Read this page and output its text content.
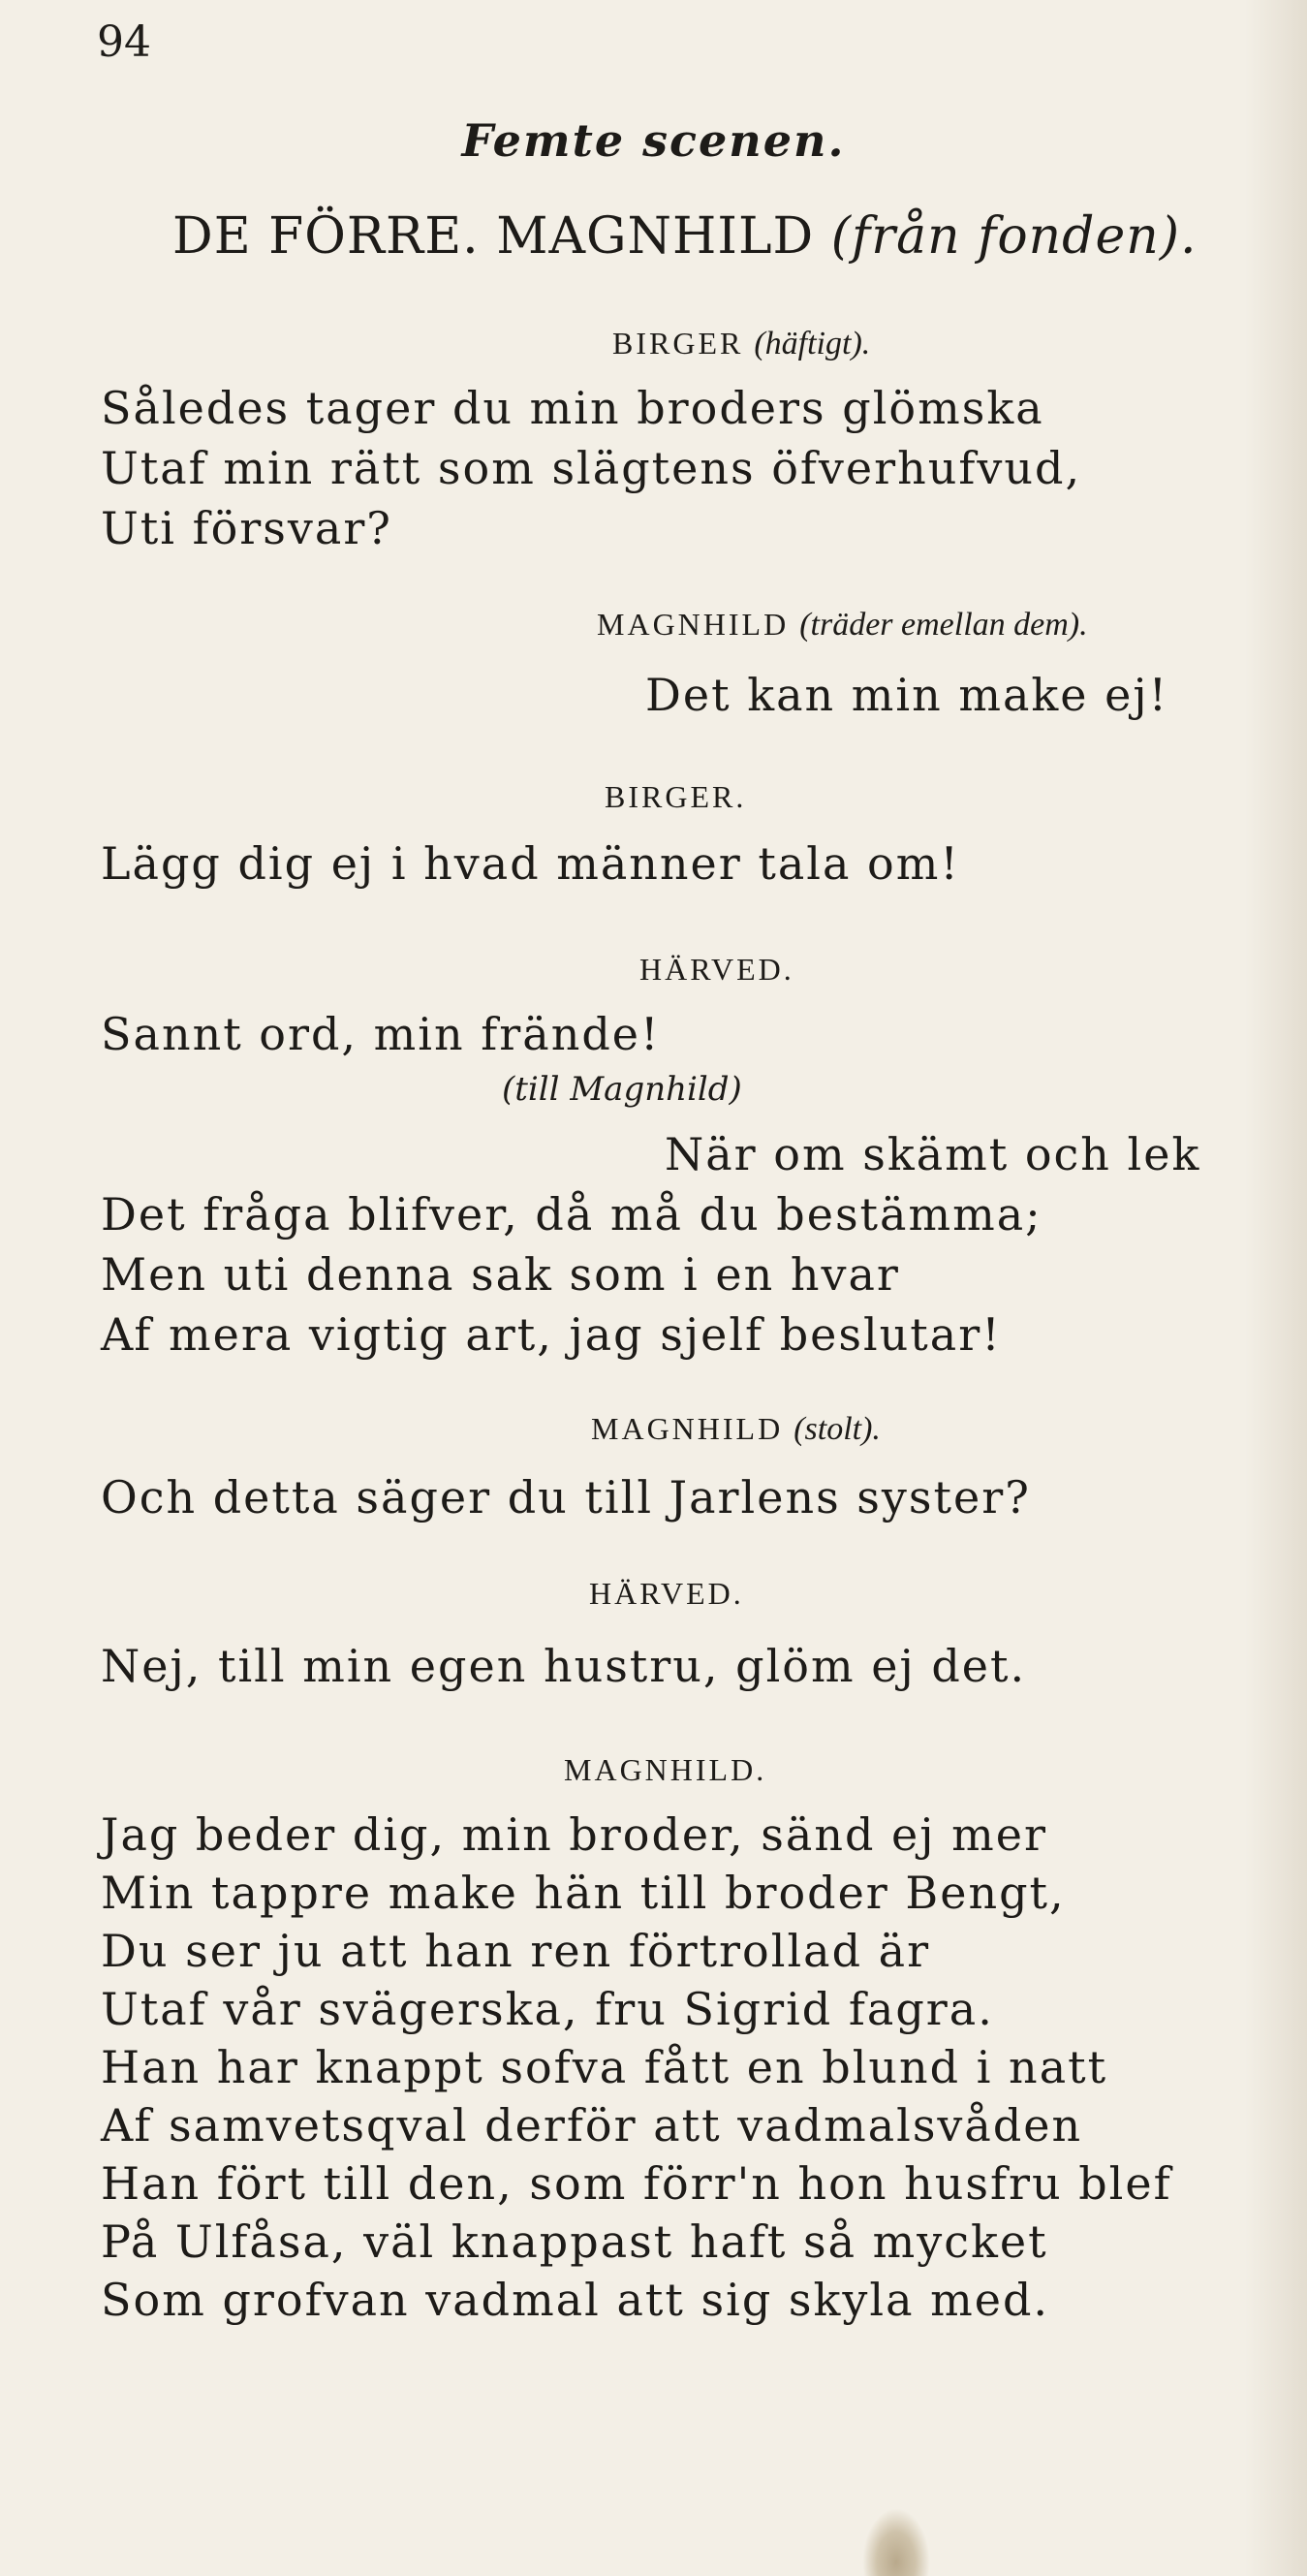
94
Femte scenen.
DE FÖRRE. MAGNHILD (från fonden).
BIRGER (häftigt).
Således tager du min broders glömska
Utaf min rätt som slägtens öfverhufvud,
Uti försvar?
MAGNHILD (träder emellan dem).
Det kan min make ej!
BIRGER.
Lägg dig ej i hvad männer tala om!
HÄRVED.
Sannt ord, min frände!
(till Magnhild)
När om skämt och lek
Det fråga blifver, då må du bestämma;
Men uti denna sak som i en hvar
Af mera vigtig art, jag sjelf beslutar!
MAGNHILD (stolt).
Och detta säger du till Jarlens syster?
HÄRVED.
Nej, till min egen hustru, glöm ej det.
MAGNHILD.
Jag beder dig, min broder, sänd ej mer
Min tappre make hän till broder Bengt,
Du ser ju att han ren förtrollad är
Utaf vår svägerska, fru Sigrid fagra.
Han har knappt sofva fått en blund i natt
Af samvetsqval derför att vadmalsvåden
Han fört till den, som förr'n hon husfru blef
På Ulfåsa, väl knappast haft så mycket
Som grofvan vadmal att sig skyla med.
